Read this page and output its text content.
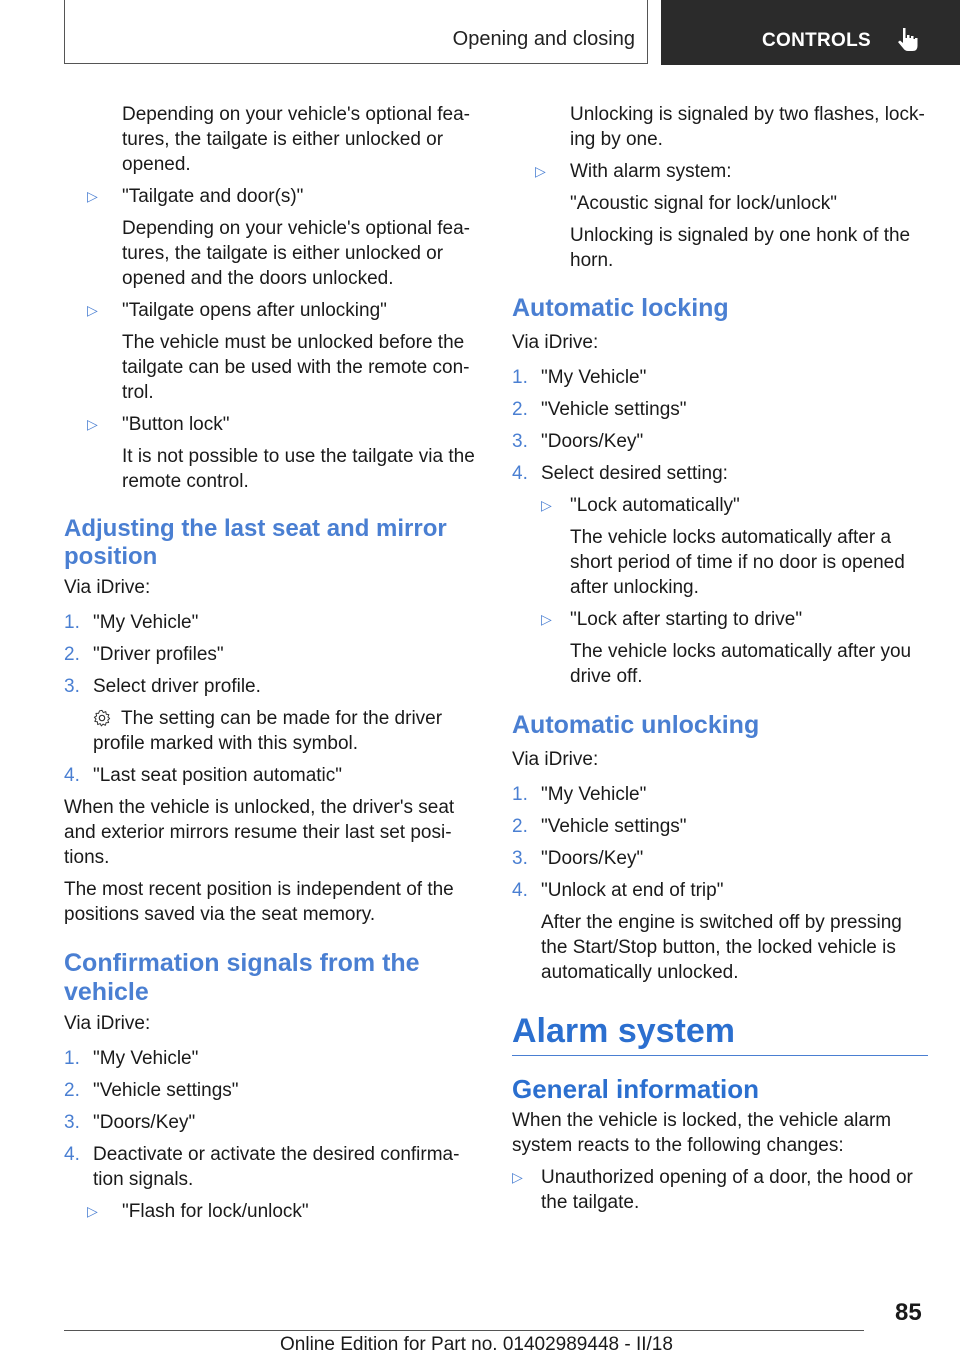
Opening and closing	CONTROLS

Depending on your vehicle's optional fea‐ tures, the tailgate is either unlocked or opened.

▷ "Tailgate and door(s)"
Depending on your vehicle's optional fea‐ tures, the tailgate is either unlocked or opened and the doors unlocked.
▷ "Tailgate opens after unlocking"
The vehicle must be unlocked before the tailgate can be used with the remote con‐ trol.
▷ "Button lock"
It is not possible to use the tailgate via the remote control.
Adjusting the last seat and mirror position

Via iDrive:

1. "My Vehicle"
2. "Driver profiles"
3. Select driver profile.
The setting can be made for the driver profile marked with this symbol.
4. "Last seat position automatic"

When the vehicle is unlocked, the driver's seat and exterior mirrors resume their last set posi‐ tions.

The most recent position is independent of the positions saved via the seat memory.

Confirmation signals from the vehicle

Via iDrive:

1. "My Vehicle"
2. "Vehicle settings"
3. "Doors/Key"
4. Deactivate or activate the desired confirma‐ tion signals.
▷ "Flash for lock/unlock"

Unlocking is signaled by two flashes, lock‐ ing by one.

▷ With alarm system:
"Acoustic signal for lock/unlock"
Unlocking is signaled by one honk of the horn.
Automatic locking

Via iDrive:

1. "My Vehicle"
2. "Vehicle settings"
3. "Doors/Key"
4. Select desired setting:
▷ "Lock automatically"
The vehicle locks automatically after a short period of time if no door is opened after unlocking.
▷ "Lock after starting to drive"
The vehicle locks automatically after you drive off.
Automatic unlocking

Via iDrive:

1. "My Vehicle"
2. "Vehicle settings"
3. "Doors/Key"
4. "Unlock at end of trip"
After the engine is switched off by pressing the Start/Stop button, the locked vehicle is automatically unlocked.
Alarm system
General information

When the vehicle is locked, the vehicle alarm system reacts to the following changes:

▷ Unauthorized opening of a door, the hood or the tailgate.
85
Online Edition for Part no. 01402989448 - II/18
